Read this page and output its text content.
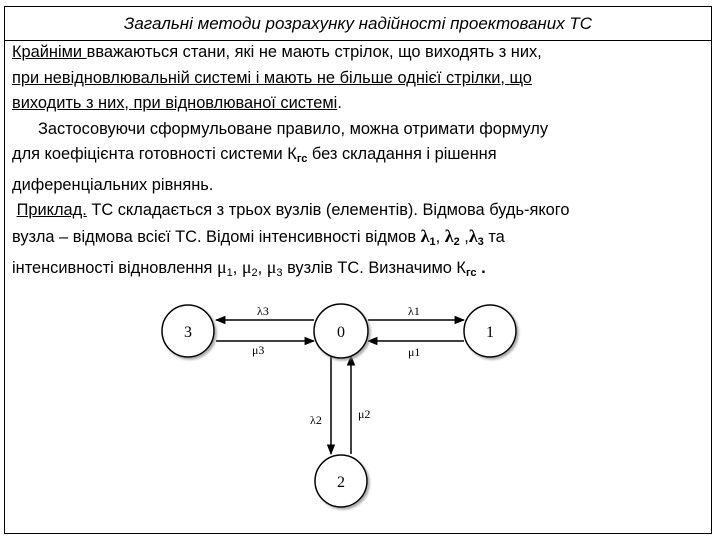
Загальні методи розрахунку надійності проектованих ТС

Крайніми вважаються стани, які не мають стрілок, що виходять з них,
при невідновлювальній системі і мають не більше однієї стрілки, що
виходить з них, при відновлюваної системі.

Застосовуючи сформульоване правило, можна отримати формулу

для коефіцієнта готовності системи $К_{гс}$ без складання і рішення
диференціальних рівнянь.

Приклад. ТС складається з трьох вузлів (елементів). Відмова будь-якого
вузла – відмова всієї ТС. Відомі інтенсивності відмов λ1, λ2 ,λ3 та
інтенсивності відновлення μ1, μ2, μ3 вузлів ТС. Визначимо $К_{гс}$ .

3	0	1
2
λ3
μ3
λ1
μ1
λ2	μ2
